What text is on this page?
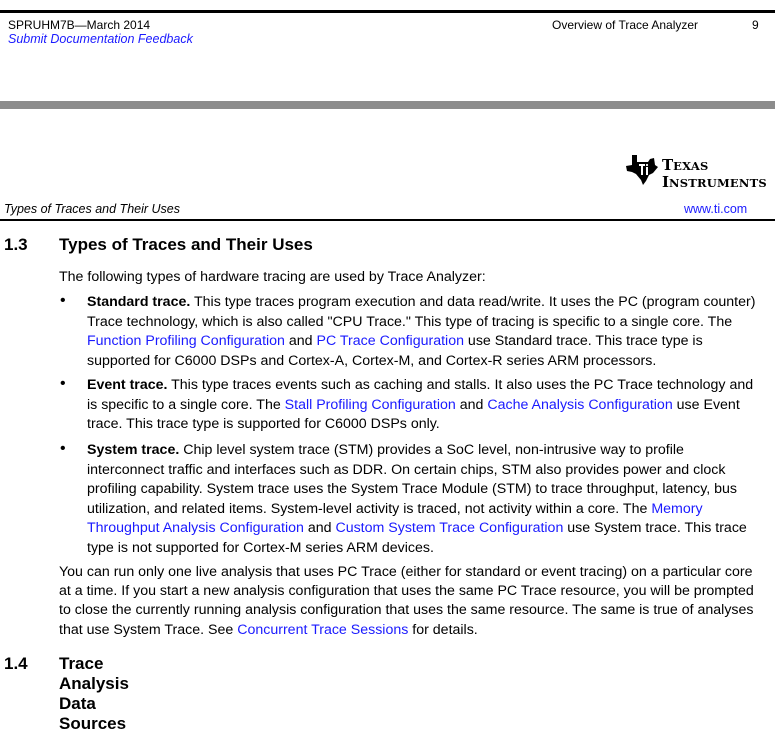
SPRUHM7B—March 2014
Submit Documentation Feedback
Overview of Trace Analyzer	9
TEXAS
INSTRUMENTS
Types of Traces and Their Uses	www.ti.com
1.3 Types of Traces and Their Uses
The following types of hardware tracing are used by Trace Analyzer:
• Standard trace. This type traces program execution and data read/write. It uses the PC (program counter) Trace technology, which is also called "CPU Trace." This type of tracing is specific to a single core. The Function Profiling Configuration and PC Trace Configuration use Standard trace. This trace type is supported for C6000 DSPs and Cortex-A, Cortex-M, and Cortex-R series ARM processors.
• Event trace. This type traces events such as caching and stalls. It also uses the PC Trace technology and is specific to a single core. The Stall Profiling Configuration and Cache Analysis Configuration use Event trace. This trace type is supported for C6000 DSPs only.
• System trace. Chip level system trace (STM) provides a SoC level, non-intrusive way to profile interconnect traffic and interfaces such as DDR. On certain chips, STM also provides power and clock profiling capability. System trace uses the System Trace Module (STM) to trace throughput, latency, bus utilization, and related items. System-level activity is traced, not activity within a core. The Memory Throughput Analysis Configuration and Custom System Trace Configuration use System trace. This trace type is not supported for Cortex-M series ARM devices.
You can run only one live analysis that uses PC Trace (either for standard or event tracing) on a particular core at a time. If you start a new analysis configuration that uses the same PC Trace resource, you will be prompted to close the currently running analysis configuration that uses the same resource. The same is true of analyses that use System Trace. See Concurrent Trace Sessions for details.
1.4 Trace Analysis Data Sources
